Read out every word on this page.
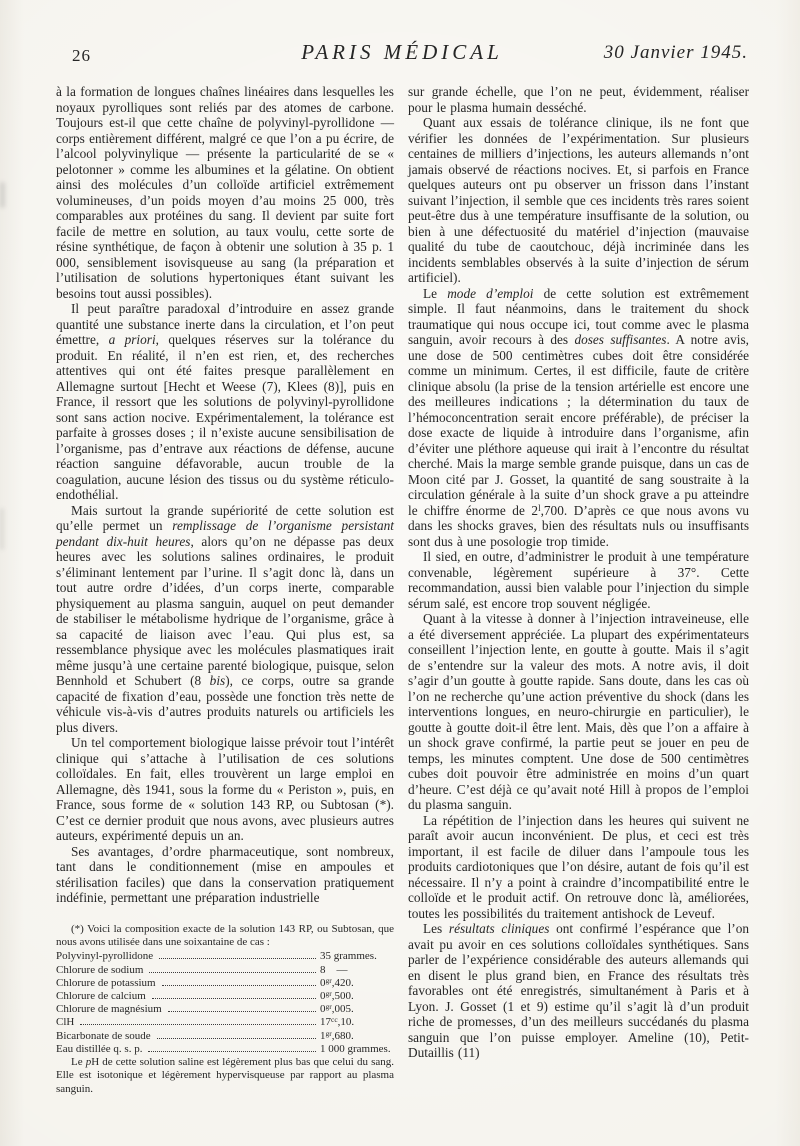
26	PARIS MÉDICAL	30 Janvier 1945.

à la formation de longues chaînes linéaires dans lesquelles les noyaux pyrolliques sont reliés par des atomes de carbone. Toujours est-il que cette chaîne de polyvinyl-pyrollidone — corps entièrement différent, malgré ce que l’on a pu écrire, de l’alcool polyvinylique — présente la particularité de se « pelotonner » comme les albumines et la gélatine. On obtient ainsi des molécules d’un colloïde artificiel extrêmement volumineuses, d’un poids moyen d’au moins 25 000, très comparables aux protéines du sang. Il devient par suite fort facile de mettre en solution, au taux voulu, cette sorte de résine synthétique, de façon à obtenir une solution à 35 p. 1 000, sensiblement isovisqueuse au sang (la préparation et l’utilisation de solutions hypertoniques étant suivant les besoins tout aussi possibles).

Il peut paraître paradoxal d’introduire en assez grande quantité une substance inerte dans la circulation, et l’on peut émettre, a priori, quelques réserves sur la tolérance du produit. En réalité, il n’en est rien, et, des recherches attentives qui ont été faites presque parallèlement en Allemagne surtout [Hecht et Weese (7), Klees (8)], puis en France, il ressort que les solutions de polyvinyl-pyrollidone sont sans action nocive. Expérimentalement, la tolérance est parfaite à grosses doses ; il n’existe aucune sensibilisation de l’organisme, pas d’entrave aux réactions de défense, aucune réaction sanguine défavorable, aucun trouble de la coagulation, aucune lésion des tissus ou du système réticulo-endothélial.

Mais surtout la grande supériorité de cette solution est qu’elle permet un remplissage de l’organisme persistant pendant dix-huit heures, alors qu’on ne dépasse pas deux heures avec les solutions salines ordinaires, le produit s’éliminant lentement par l’urine. Il s’agit donc là, dans un tout autre ordre d’idées, d’un corps inerte, comparable physiquement au plasma sanguin, auquel on peut demander de stabiliser le métabolisme hydrique de l’organisme, grâce à sa capacité de liaison avec l’eau. Qui plus est, sa ressemblance physique avec les molécules plasmatiques irait même jusqu’à une certaine parenté biologique, puisque, selon Bennhold et Schubert (8 bis), ce corps, outre sa grande capacité de fixation d’eau, possède une fonction très nette de véhicule vis-à-vis d’autres produits naturels ou artificiels les plus divers.

Un tel comportement biologique laisse prévoir tout l’intérêt clinique qui s’attache à l’utilisation de ces solutions colloïdales. En fait, elles trouvèrent un large emploi en Allemagne, dès 1941, sous la forme du « Periston », puis, en France, sous forme de « solution 143 RP, ou Subtosan (*). C’est ce dernier produit que nous avons, avec plusieurs autres auteurs, expérimenté depuis un an.

Ses avantages, d’ordre pharmaceutique, sont nombreux, tant dans le conditionnement (mise en ampoules et stérilisation faciles) que dans la conservation pratiquement indéfinie, permettant une préparation industrielle

(*) Voici la composition exacte de la solution 143 RP, ou Subtosan, que nous avons utilisée dans une soixantaine de cas :

Polyvinyl-pyrollidone	35 grammes.
Chlorure de sodium	8  —
Chlorure de potassium	$0^{gr},420$.
Chlorure de calcium	$0^{gr},500$.
Chlorure de magnésium	$0^{gr},005$.
ClH	$17^{cc},10$.
Bicarbonate de soude	$1^{gr},680$.
Eau distillée q. s. p.	1 000 grammes.

Le pH de cette solution saline est légèrement plus bas que celui du sang. Elle est isotonique et légèrement hypervisqueuse par rapport au plasma sanguin.

sur grande échelle, que l’on ne peut, évidemment, réaliser pour le plasma humain desséché.

Quant aux essais de tolérance clinique, ils ne font que vérifier les données de l’expérimentation. Sur plusieurs centaines de milliers d’injections, les auteurs allemands n’ont jamais observé de réactions nocives. Et, si parfois en France quelques auteurs ont pu observer un frisson dans l’instant suivant l’injection, il semble que ces incidents très rares soient peut-être dus à une température insuffisante de la solution, ou bien à une défectuosité du matériel d’injection (mauvaise qualité du tube de caoutchouc, déjà incriminée dans les incidents semblables observés à la suite d’injection de sérum artificiel).

Le mode d’emploi de cette solution est extrêmement simple. Il faut néanmoins, dans le traitement du shock traumatique qui nous occupe ici, tout comme avec le plasma sanguin, avoir recours à des doses suffisantes. A notre avis, une dose de 500 centimètres cubes doit être considérée comme un minimum. Certes, il est difficile, faute de critère clinique absolu (la prise de la tension artérielle est encore une des meilleures indications ; la détermination du taux de l’hémoconcentration serait encore préférable), de préciser la dose exacte de liquide à introduire dans l’organisme, afin d’éviter une pléthore aqueuse qui irait à l’encontre du résultat cherché. Mais la marge semble grande puisque, dans un cas de Moon cité par J. Gosset, la quantité de sang soustraite à la circulation générale à la suite d’un shock grave a pu atteindre le chiffre énorme de 2$^l$,700. D’après ce que nous avons vu dans les shocks graves, bien des résultats nuls ou insuffisants sont dus à une posologie trop timide.

Il sied, en outre, d’administrer le produit à une température convenable, légèrement supérieure à 37°. Cette recommandation, aussi bien valable pour l’injection du simple sérum salé, est encore trop souvent négligée.

Quant à la vitesse à donner à l’injection intraveineuse, elle a été diversement appréciée. La plupart des expérimentateurs conseillent l’injection lente, en goutte à goutte. Mais il s’agit de s’entendre sur la valeur des mots. A notre avis, il doit s’agir d’un goutte à goutte rapide. Sans doute, dans les cas où l’on ne recherche qu’une action préventive du shock (dans les interventions longues, en neuro-chirurgie en particulier), le goutte à goutte doit-il être lent. Mais, dès que l’on a affaire à un shock grave confirmé, la partie peut se jouer en peu de temps, les minutes comptent. Une dose de 500 centimètres cubes doit pouvoir être administrée en moins d’un quart d’heure. C’est déjà ce qu’avait noté Hill à propos de l’emploi du plasma sanguin.

La répétition de l’injection dans les heures qui suivent ne paraît avoir aucun inconvénient. De plus, et ceci est très important, il est facile de diluer dans l’ampoule tous les produits cardiotoniques que l’on désire, autant de fois qu’il est nécessaire. Il n’y a point à craindre d’incompatibilité entre le colloïde et le produit actif. On retrouve donc là, améliorées, toutes les possibilités du traitement antishock de Leveuf.

Les résultats cliniques ont confirmé l’espérance que l’on avait pu avoir en ces solutions colloïdales synthétiques. Sans parler de l’expérience considérable des auteurs allemands qui en disent le plus grand bien, en France des résultats très favorables ont été enregistrés, simultanément à Paris et à Lyon. J. Gosset (1 et 9) estime qu’il s’agit là d’un produit riche de promesses, d’un des meilleurs succédanés du plasma sanguin que l’on puisse employer. Ameline (10), Petit-Dutaillis (11)
